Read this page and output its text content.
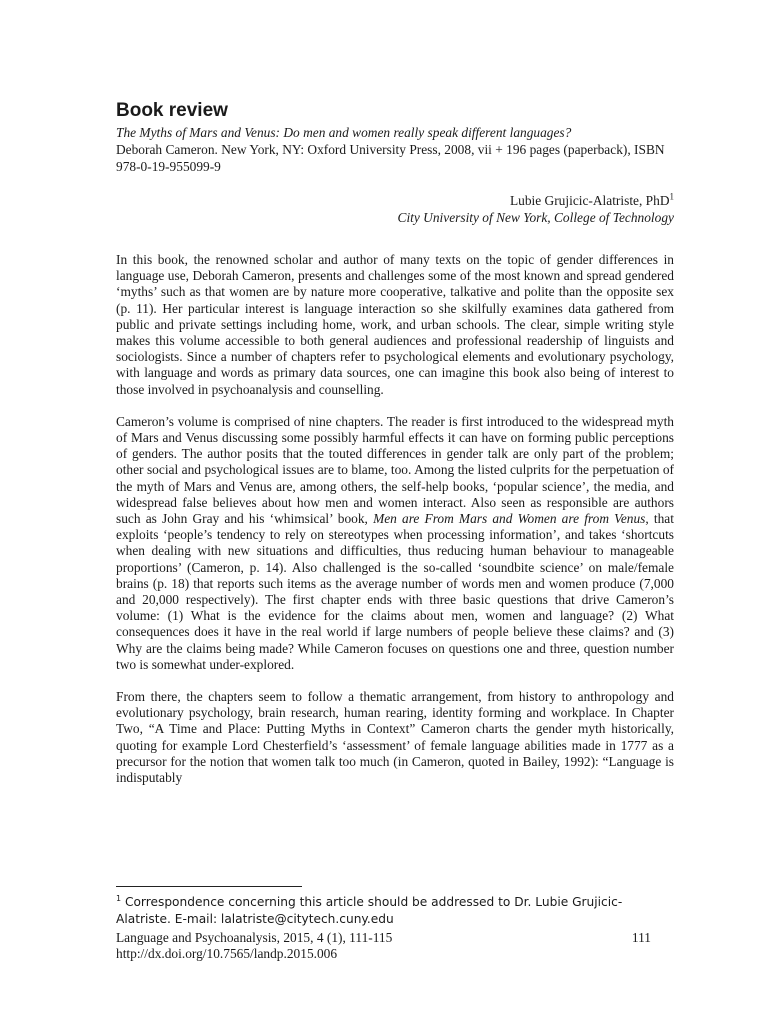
Book review

The Myths of Mars and Venus: Do men and women really speak different languages?
Deborah Cameron. New York, NY: Oxford University Press, 2008, vii + 196 pages (paperback), ISBN 978-0-19-955099-9

Lubie Grujicic-Alatriste, PhD$^1$
City University of New York, College of Technology

In this book, the renowned scholar and author of many texts on the topic of gender differences in language use, Deborah Cameron, presents and challenges some of the most known and spread gendered ‘myths’ such as that women are by nature more cooperative, talkative and polite than the opposite sex (p. 11). Her particular interest is language interaction so she skilfully examines data gathered from public and private settings including home, work, and urban schools. The clear, simple writing style makes this volume accessible to both general audiences and professional readership of linguists and sociologists. Since a number of chapters refer to psychological elements and evolutionary psychology, with language and words as primary data sources, one can imagine this book also being of interest to those involved in psychoanalysis and counselling.

Cameron’s volume is comprised of nine chapters. The reader is first introduced to the widespread myth of Mars and Venus discussing some possibly harmful effects it can have on forming public perceptions of genders. The author posits that the touted differences in gender talk are only part of the problem; other social and psychological issues are to blame, too. Among the listed culprits for the perpetuation of the myth of Mars and Venus are, among others, the self-help books, ‘popular science’, the media, and widespread false believes about how men and women interact. Also seen as responsible are authors such as John Gray and his ‘whimsical’ book, Men are From Mars and Women are from Venus, that exploits ‘people’s tendency to rely on stereotypes when processing information’, and takes ‘shortcuts when dealing with new situations and difficulties, thus reducing human behaviour to manageable proportions’ (Cameron, p. 14). Also challenged is the so-called ‘soundbite science’ on male/female brains (p. 18) that reports such items as the average number of words men and women produce (7,000 and 20,000 respectively). The first chapter ends with three basic questions that drive Cameron’s volume: (1) What is the evidence for the claims about men, women and language? (2) What consequences does it have in the real world if large numbers of people believe these claims? and (3) Why are the claims being made? While Cameron focuses on questions one and three, question number two is somewhat under-explored.

From there, the chapters seem to follow a thematic arrangement, from history to anthropology and evolutionary psychology, brain research, human rearing, identity forming and workplace. In Chapter Two, “A Time and Place: Putting Myths in Context” Cameron charts the gender myth historically, quoting for example Lord Chesterfield’s ‘assessment’ of female language abilities made in 1777 as a precursor for the notion that women talk too much (in Cameron, quoted in Bailey, 1992): “Language is indisputably

$^1$ Correspondence concerning this article should be addressed to Dr. Lubie Grujicic-Alatriste. E-mail: lalatriste@citytech.cuny.edu
Language and Psychoanalysis, 2015, 4 (1), 111-115	111
http://dx.doi.org/10.7565/landp.2015.006
